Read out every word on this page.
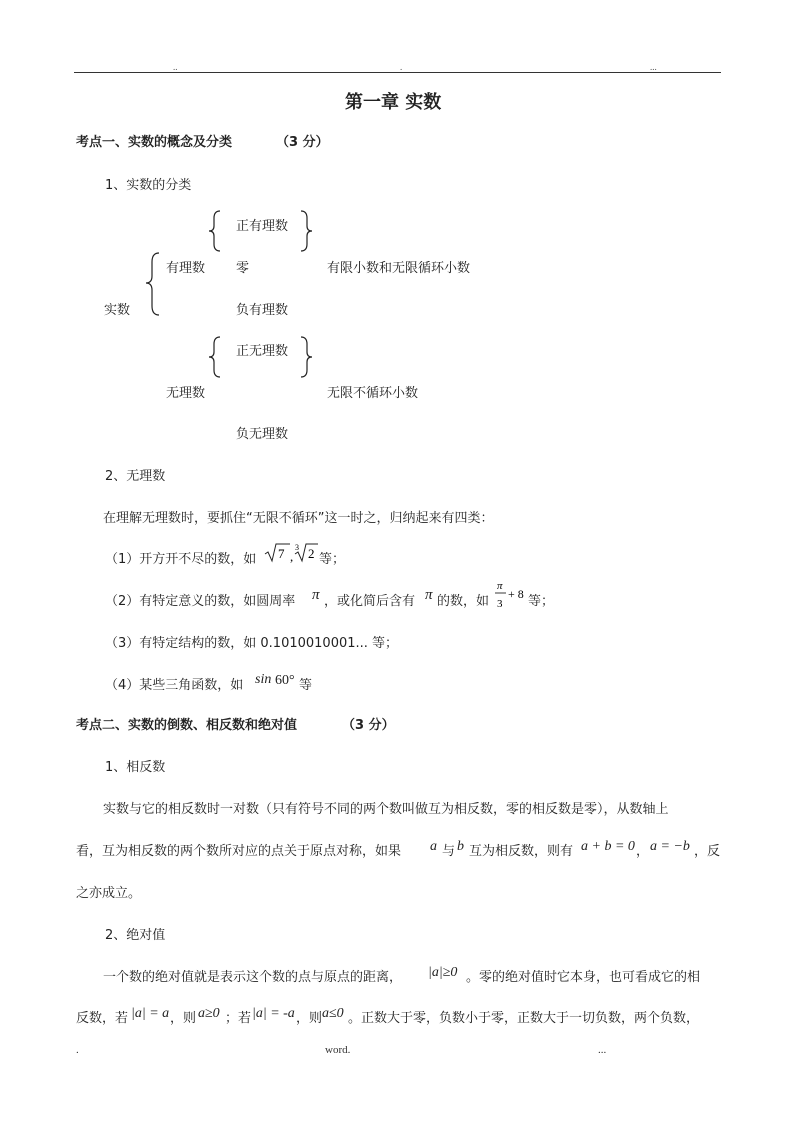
..	.	...
第一章 实数
考点一、实数的概念及分类	（3 分）
1、实数的分类
正有理数
有理数 零	有限小数和无限循环小数
实数	负有理数
正无理数
无理数	无限不循环小数
负无理数
2、无理数
在理解无理数时，要抓住“无限不循环”这一时之，归纳起来有四类：
（1）开方开不尽的数，如 7 ,
3 2 等；
（2）有特定意义的数，如圆周率 π ，或化简后含有 π 的数，如
π
3
+ 8 等；
（3）有特定结构的数，如 0.1010010001... 等；
（4）某些三角函数，如 sin 60° 等
考点二、实数的倒数、相反数和绝对值	（3 分）
1、相反数
实数与它的相反数时一对数（只有符号不同的两个数叫做互为相反数，零的相反数是零），从数轴上
看，互为相反数的两个数所对应的点关于原点对称，如果 a 与 b 互为相反数，则有 a + b = 0 ， a = −b ，反
之亦成立。
2、绝对值
一个数的绝对值就是表示这个数的点与原点的距离， |a|≥0 。零的绝对值时它本身，也可看成它的相
反数，若 |a| = a ，则 a≥0 ；若 |a| = -a ，则 a≤0 。正数大于零，负数小于零，正数大于一切负数，两个负数，
.	word.	...
